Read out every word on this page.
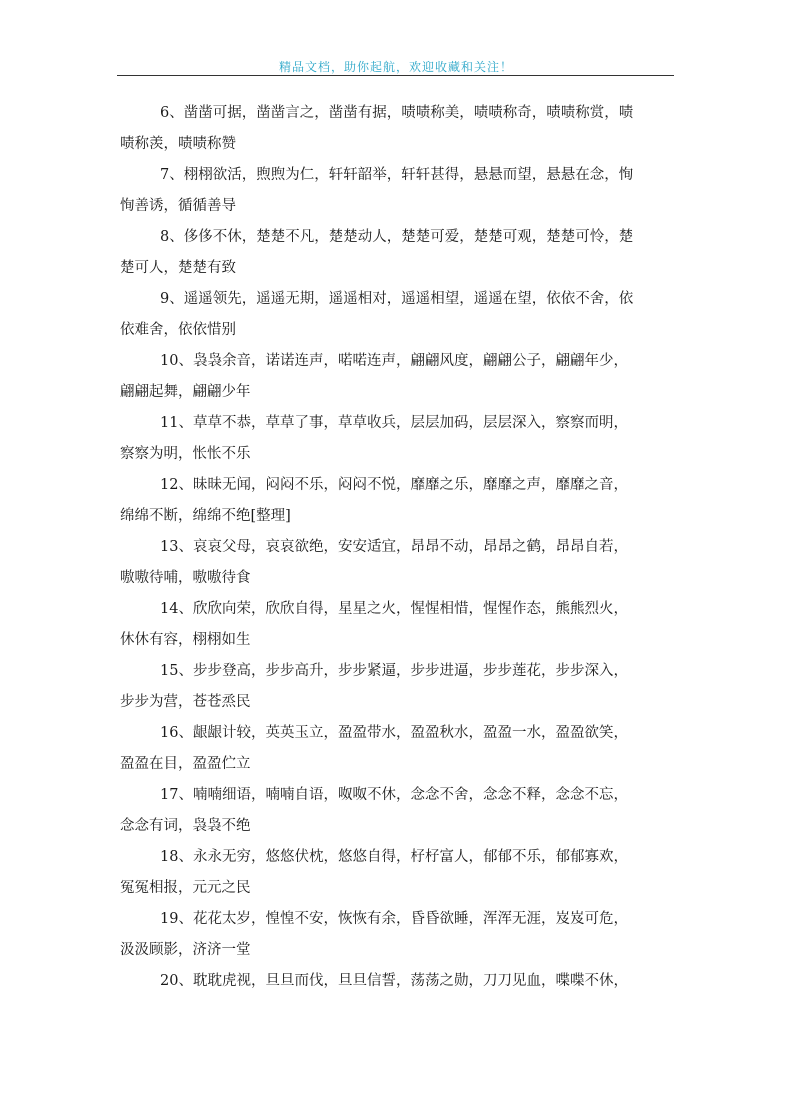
精品文档，助你起航，欢迎收藏和关注！
6、凿凿可据，凿凿言之，凿凿有据，啧啧称美，啧啧称奇，啧啧称赏，啧
啧称羡，啧啧称赞
7、栩栩欲活，煦煦为仁，轩轩韶举，轩轩甚得，悬悬而望，悬悬在念，恂
恂善诱，循循善导
8、侈侈不休，楚楚不凡，楚楚动人，楚楚可爱，楚楚可观，楚楚可怜，楚
楚可人，楚楚有致
9、遥遥领先，遥遥无期，遥遥相对，遥遥相望，遥遥在望，依依不舍，依
依难舍，依依惜别
10、袅袅余音，诺诺连声，喏喏连声，翩翩风度，翩翩公子，翩翩年少，
翩翩起舞，翩翩少年
11、草草不恭，草草了事，草草收兵，层层加码，层层深入，察察而明，
察察为明，怅怅不乐
12、昧昧无闻，闷闷不乐，闷闷不悦，靡靡之乐，靡靡之声，靡靡之音，
绵绵不断，绵绵不绝[整理]
13、哀哀父母，哀哀欲绝，安安适宜，昂昂不动，昂昂之鹤，昂昂自若，
嗷嗷待哺，嗷嗷待食
14、欣欣向荣，欣欣自得，星星之火，惺惺相惜，惺惺作态，熊熊烈火，
休休有容，栩栩如生
15、步步登高，步步高升，步步紧逼，步步进逼，步步莲花，步步深入，
步步为营，苍苍烝民
16、龈龈计较，英英玉立，盈盈带水，盈盈秋水，盈盈一水，盈盈欲笑，
盈盈在目，盈盈伫立
17、喃喃细语，喃喃自语，呶呶不休，念念不舍，念念不释，念念不忘，
念念有词，袅袅不绝
18、永永无穷，悠悠伏枕，悠悠自得，杍杍富人，郁郁不乐，郁郁寡欢，
冤冤相报，元元之民
19、花花太岁，惶惶不安，恢恢有余，昏昏欲睡，浑浑无涯，岌岌可危，
汲汲顾影，济济一堂
20、耽耽虎视，旦旦而伐，旦旦信誓，荡荡之勋，刀刀见血，喋喋不休，
